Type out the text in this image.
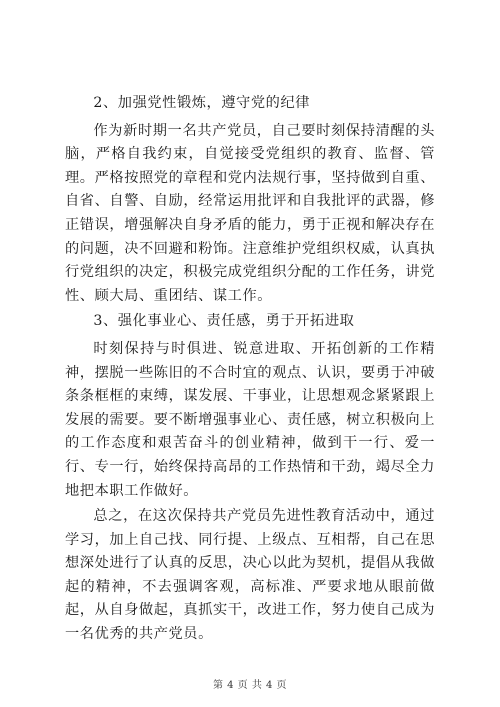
2、加强党性锻炼，遵守党的纪律

作为新时期一名共产党员，自己要时刻保持清醒的头脑，严格自我约束，自觉接受党组织的教育、监督、管理。严格按照党的章程和党内法规行事，坚持做到自重、自省、自警、自励，经常运用批评和自我批评的武器，修正错误，增强解决自身矛盾的能力，勇于正视和解决存在的问题，决不回避和粉饰。注意维护党组织权威，认真执行党组织的决定，积极完成党组织分配的工作任务，讲党性、顾大局、重团结、谋工作。

3、强化事业心、责任感，勇于开拓进取

时刻保持与时俱进、锐意进取、开拓创新的工作精神，摆脱一些陈旧的不合时宜的观点、认识，要勇于冲破条条框框的束缚，谋发展、干事业，让思想观念紧紧跟上发展的需要。要不断增强事业心、责任感，树立积极向上的工作态度和艰苦奋斗的创业精神，做到干一行、爱一行、专一行，始终保持高昂的工作热情和干劲，竭尽全力地把本职工作做好。

总之，在这次保持共产党员先进性教育活动中，通过学习，加上自己找、同行提、上级点、互相帮，自己在思想深处进行了认真的反思，决心以此为契机，提倡从我做起的精神，不去强调客观，高标准、严要求地从眼前做起，从自身做起，真抓实干，改进工作，努力使自己成为一名优秀的共产党员。

第 4 页 共 4 页
